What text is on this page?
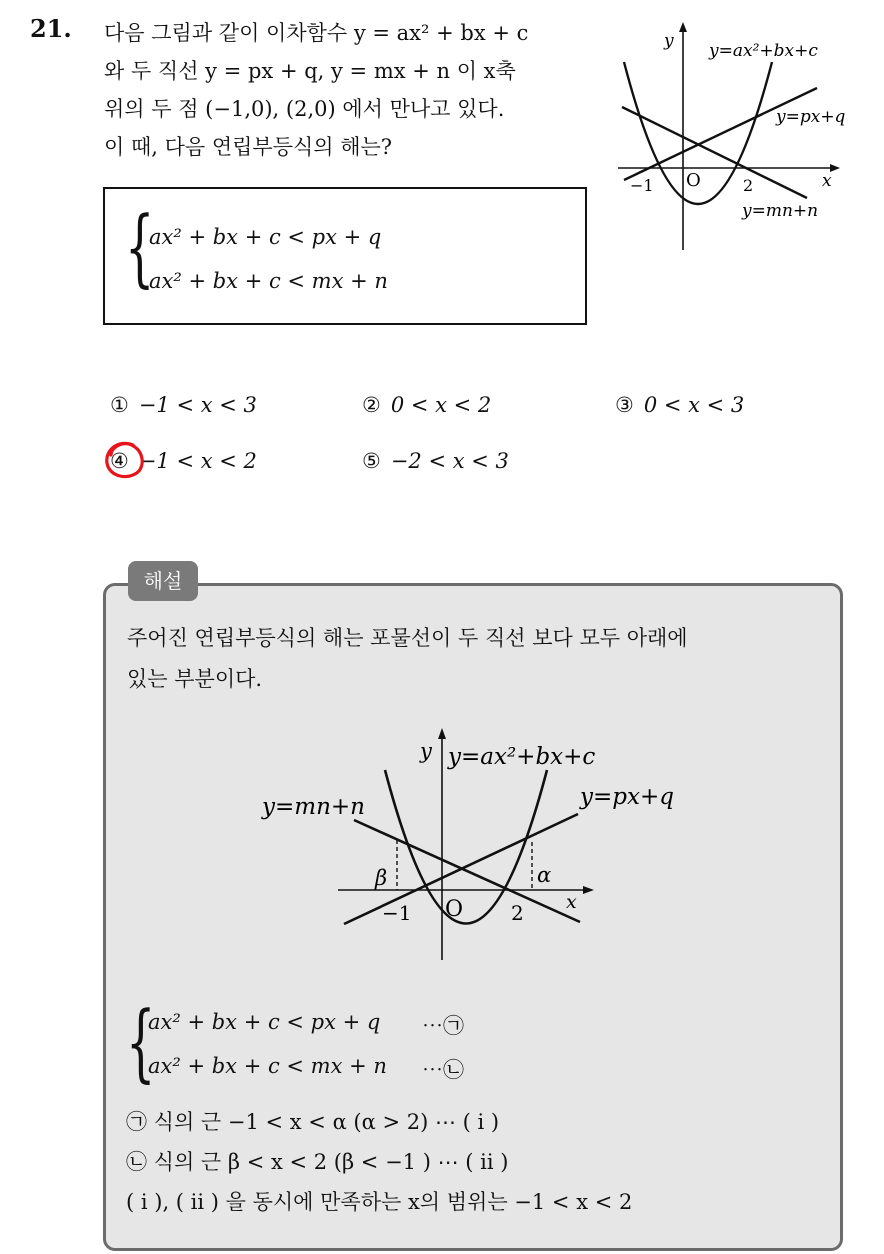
21. 다음 그림과 같이 이차함수 y = ax² + bx + c
와 두 직선 y = px + q, y = mx + n 이 x축
위의 두 점 (−1,0), (2,0) 에서 만나고 있다.
이 때, 다음 연립부등식의 해는?
y
x
O
−1	2
y=ax²+bx+c
y=px+q
y=mn+n
{
ax² + bx + c < px + q
ax² + bx + c < mx + n
① −1 < x < 3	② 0 < x < 2	③ 0 < x < 3
④ −1 < x < 2	⑤ −2 < x < 3
해설
주어진 연립부등식의 해는 포물선이 두 직선 보다 모두 아래에
있는 부분이다.
y
x
O
−1	2
β	α
y=ax²+bx+c
y=px+q
y=mn+n
{
ax² + bx + c < px + q ⋯㉠
ax² + bx + c < mx + n ⋯㉡
㉠ 식의 근 −1 < x < α (α > 2) ⋯ ( i )
㉡ 식의 근 β < x < 2 (β < −1 ) ⋯ ( ii )
( i ), ( ii ) 을 동시에 만족하는 x의 범위는 −1 < x < 2
